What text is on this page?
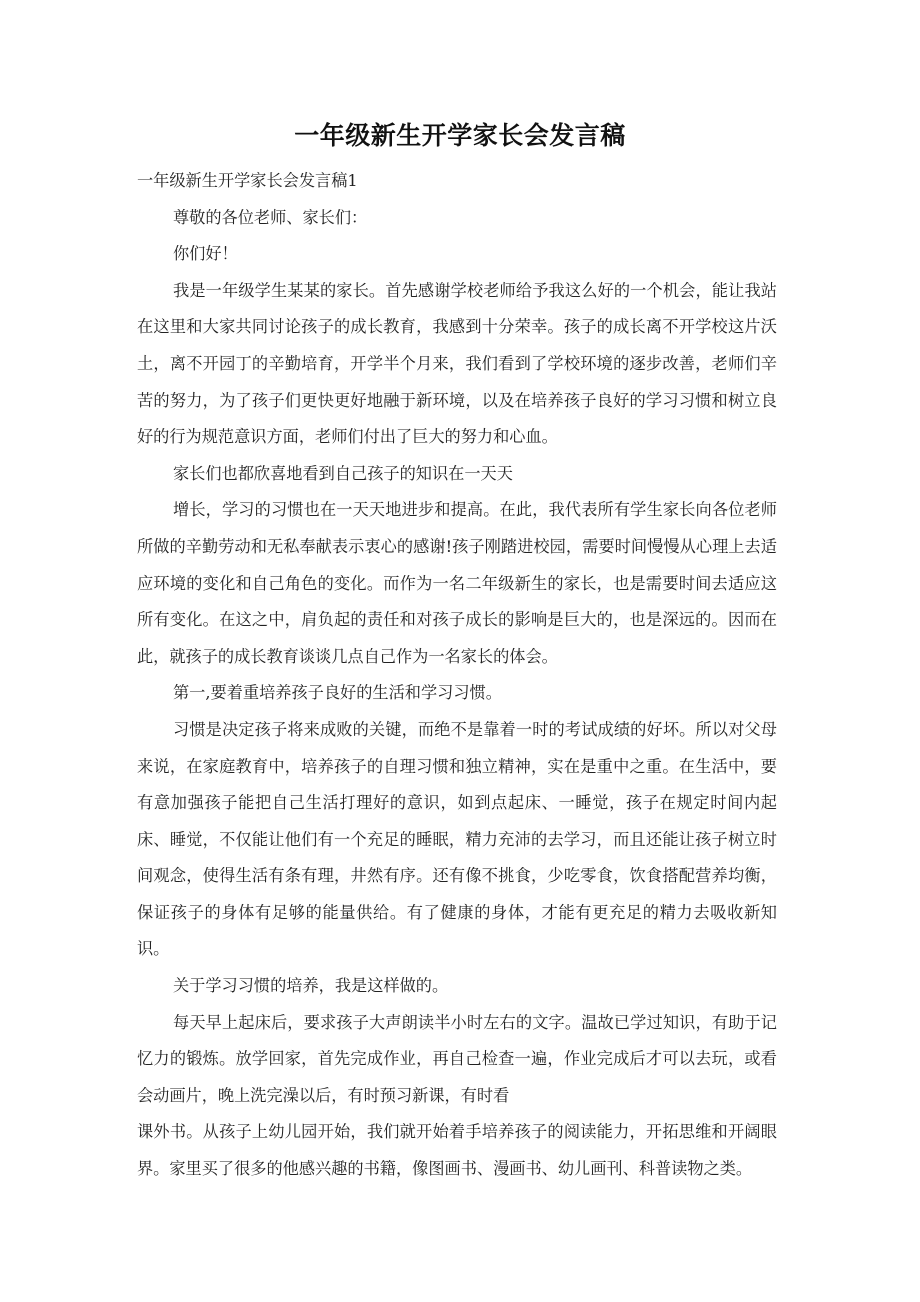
一年级新生开学家长会发言稿

一年级新生开学家长会发言稿1

尊敬的各位老师、家长们：

你们好！

我是一年级学生某某的家长。首先感谢学校老师给予我这么好的一个机会，能让我站在这里和大家共同讨论孩子的成长教育，我感到十分荣幸。孩子的成长离不开学校这片沃土，离不开园丁的辛勤培育，开学半个月来，我们看到了学校环境的逐步改善，老师们辛苦的努力，为了孩子们更快更好地融于新环境，以及在培养孩子良好的学习习惯和树立良好的行为规范意识方面，老师们付出了巨大的努力和心血。

家长们也都欣喜地看到自己孩子的知识在一天天

增长，学习的习惯也在一天天地进步和提高。在此，我代表所有学生家长向各位老师所做的辛勤劳动和无私奉献表示衷心的感谢!孩子刚踏进校园，需要时间慢慢从心理上去适应环境的变化和自己角色的变化。而作为一名二年级新生的家长，也是需要时间去适应这所有变化。在这之中，肩负起的责任和对孩子成长的影响是巨大的，也是深远的。因而在此，就孩子的成长教育谈谈几点自己作为一名家长的体会。

第一,要着重培养孩子良好的生活和学习习惯。

习惯是决定孩子将来成败的关键，而绝不是靠着一时的考试成绩的好坏。所以对父母来说，在家庭教育中，培养孩子的自理习惯和独立精神，实在是重中之重。在生活中，要有意加强孩子能把自己生活打理好的意识，如到点起床、一睡觉，孩子在规定时间内起床、睡觉，不仅能让他们有一个充足的睡眠，精力充沛的去学习，而且还能让孩子树立时间观念，使得生活有条有理，井然有序。还有像不挑食，少吃零食，饮食搭配营养均衡，保证孩子的身体有足够的能量供给。有了健康的身体，才能有更充足的精力去吸收新知识。

关于学习习惯的培养，我是这样做的。

每天早上起床后，要求孩子大声朗读半小时左右的文字。温故已学过知识，有助于记忆力的锻炼。放学回家，首先完成作业，再自己检查一遍，作业完成后才可以去玩，或看会动画片，晚上洗完澡以后，有时预习新课，有时看

课外书。从孩子上幼儿园开始，我们就开始着手培养孩子的阅读能力，开拓思维和开阔眼界。家里买了很多的他感兴趣的书籍，像图画书、漫画书、幼儿画刊、科普读物之类。
